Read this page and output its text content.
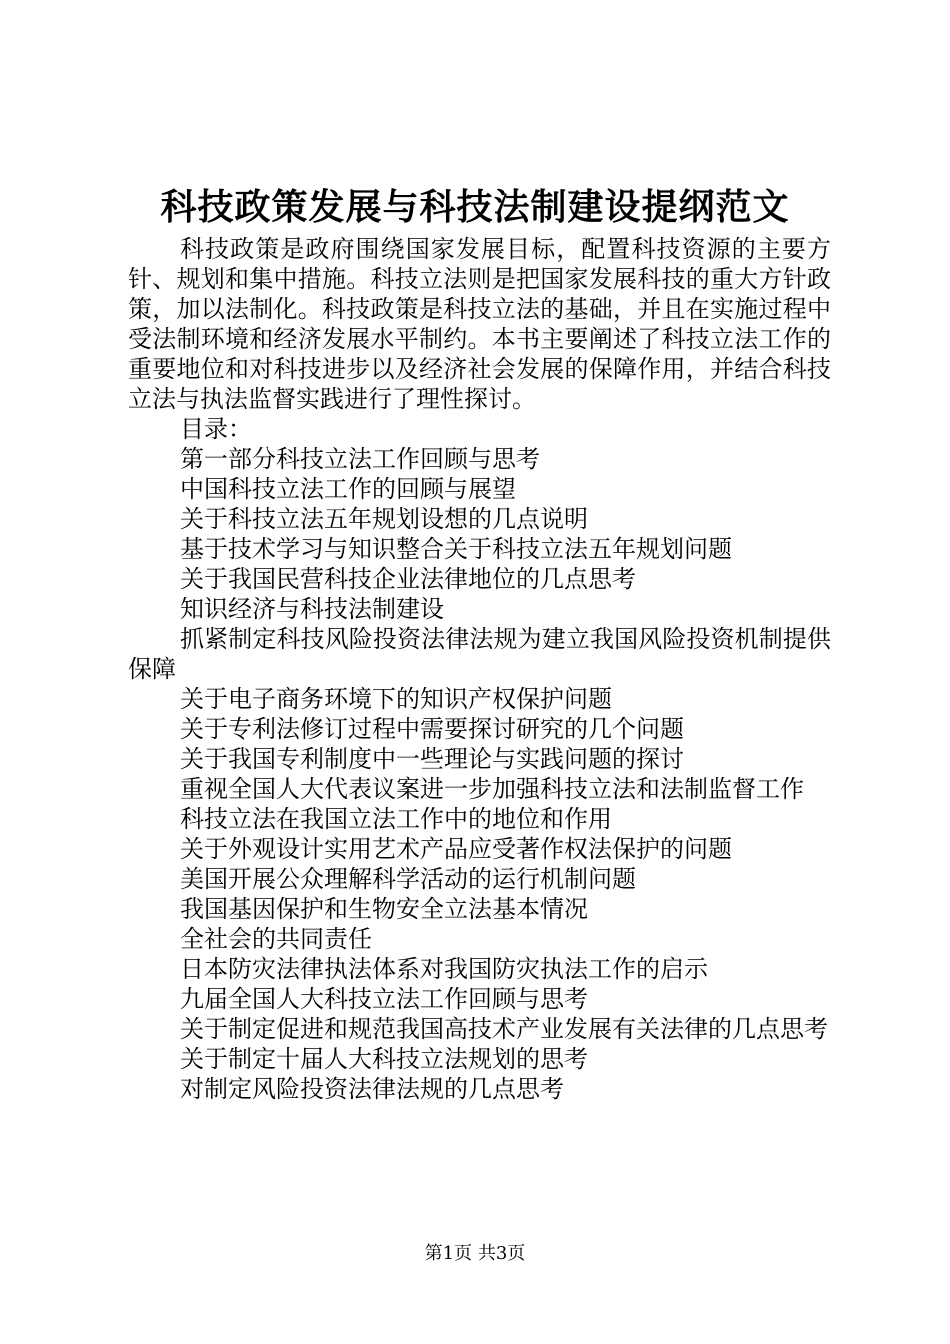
科技政策发展与科技法制建设提纲范文

科技政策是政府围绕国家发展目标，配置科技资源的主要方针、规划和集中措施。科技立法则是把国家发展科技的重大方针政策，加以法制化。科技政策是科技立法的基础，并且在实施过程中受法制环境和经济发展水平制约。本书主要阐述了科技立法工作的重要地位和对科技进步以及经济社会发展的保障作用，并结合科技立法与执法监督实践进行了理性探讨。

目录：

第一部分科技立法工作回顾与思考
中国科技立法工作的回顾与展望
关于科技立法五年规划设想的几点说明
基于技术学习与知识整合关于科技立法五年规划问题
关于我国民营科技企业法律地位的几点思考
知识经济与科技法制建设
抓紧制定科技风险投资法律法规为建立我国风险投资机制提供保障
关于电子商务环境下的知识产权保护问题
关于专利法修订过程中需要探讨研究的几个问题
关于我国专利制度中一些理论与实践问题的探讨
重视全国人大代表议案进一步加强科技立法和法制监督工作
科技立法在我国立法工作中的地位和作用
关于外观设计实用艺术产品应受著作权法保护的问题
美国开展公众理解科学活动的运行机制问题
我国基因保护和生物安全立法基本情况
全社会的共同责任
日本防灾法律执法体系对我国防灾执法工作的启示
九届全国人大科技立法工作回顾与思考
关于制定促进和规范我国高技术产业发展有关法律的几点思考
关于制定十届人大科技立法规划的思考
对制定风险投资法律法规的几点思考
第1页 共3页
